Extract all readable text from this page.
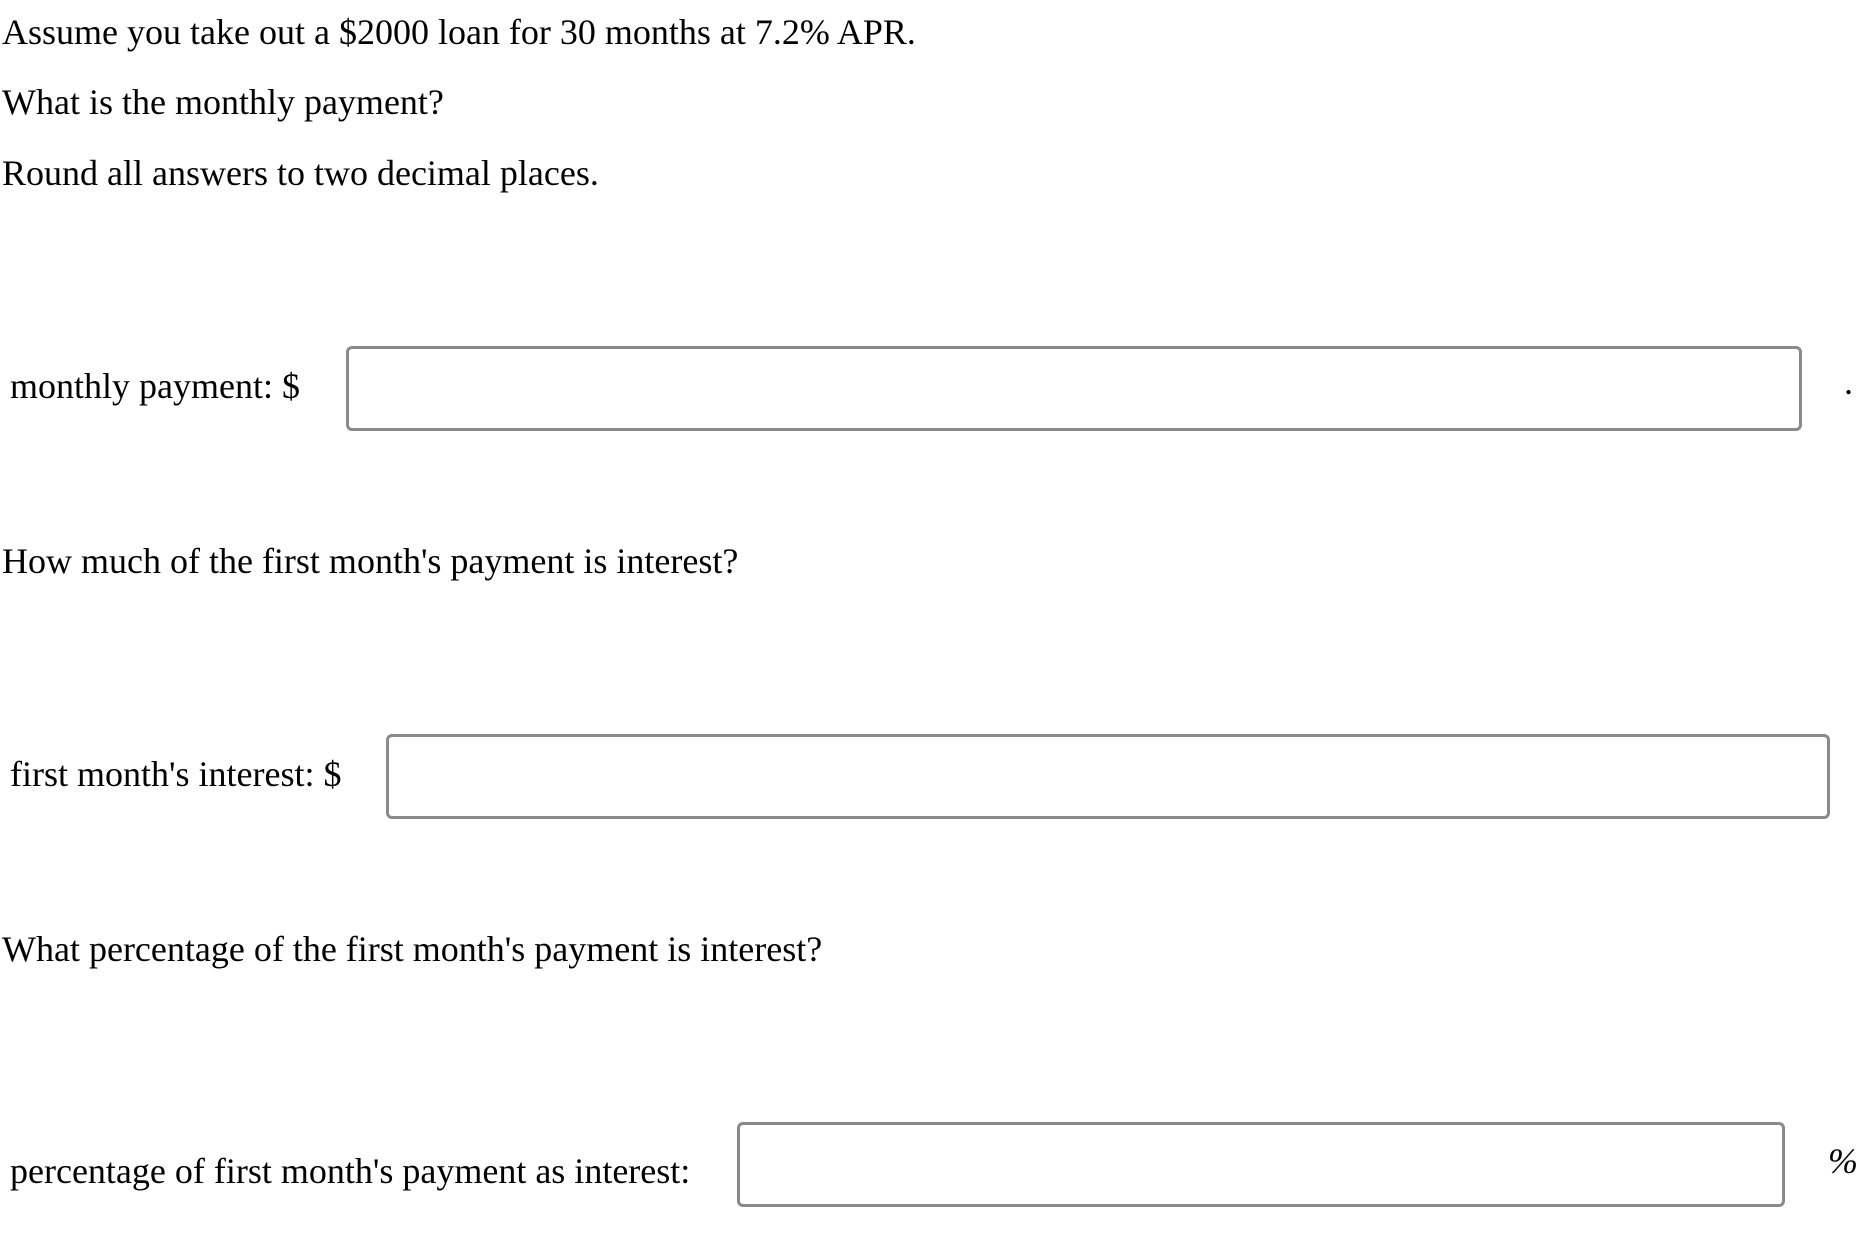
Assume you take out a $2000 loan for 30 months at 7.2% APR.
What is the monthly payment?
Round all answers to two decimal places.
monthly payment: $	.
How much of the first month's payment is interest?
first month's interest: $
What percentage of the first month's payment is interest?
percentage of first month's payment as interest:	%
